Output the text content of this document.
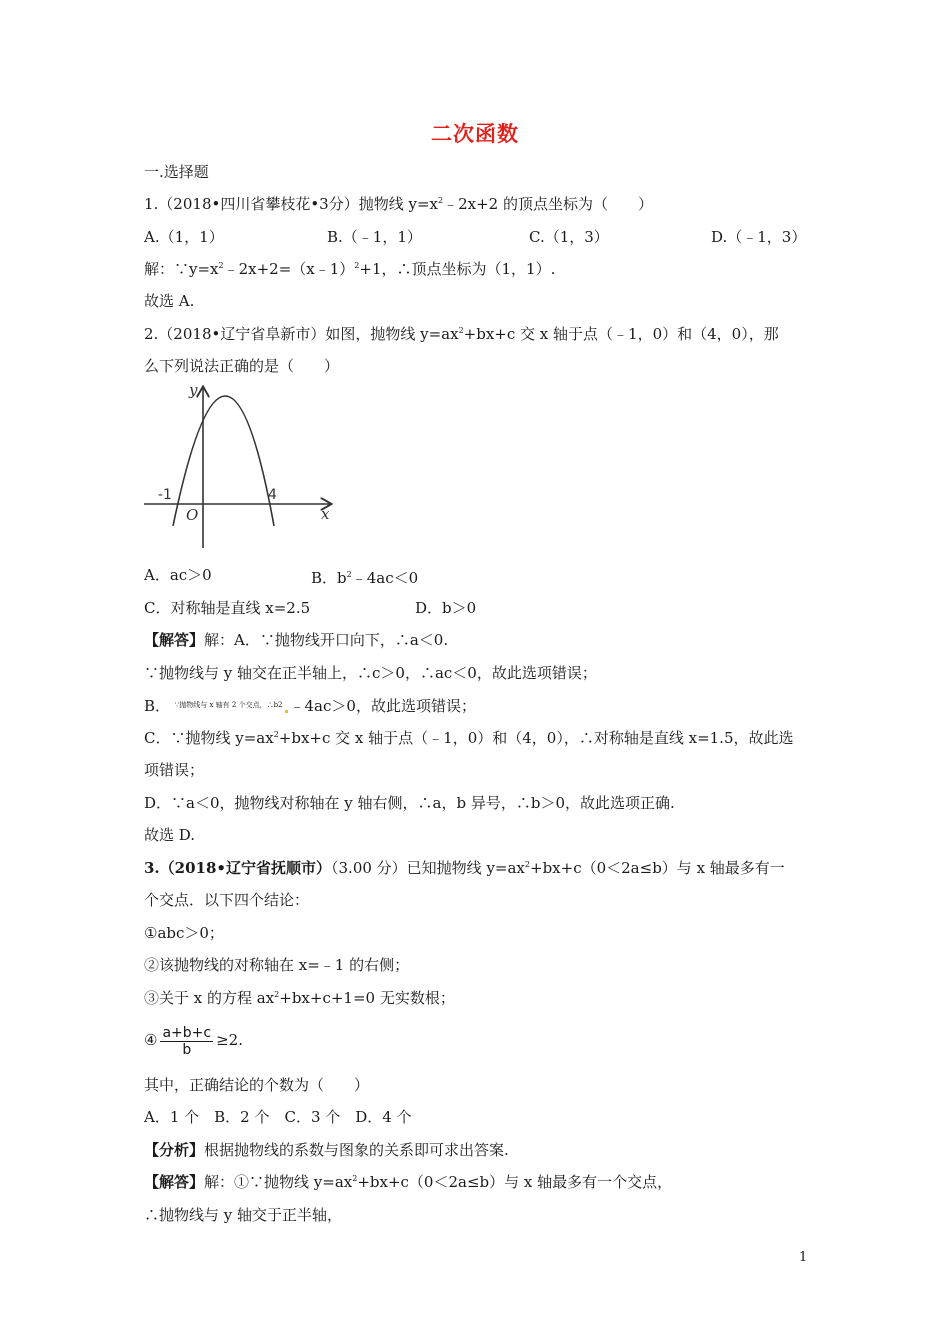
二次函数
一.选择题
1.（2018•四川省攀枝花•3分）抛物线 $y=x^2﹣2x+2$ 的顶点坐标为（　　）
A.（1，1）	B.（﹣1，1）	C.（1，3）	D.（﹣1，3）
解：$\because y=x^2﹣2x+2=(x﹣1)^2+1$，∴顶点坐标为（1，1）.
故选 A.
2.（2018•辽宁省阜新市）如图，抛物线 $y=ax^2+bx+c$ 交 x 轴于点（﹣1，0）和（4，0），那
么下列说法正确的是（　　）
y
x
O
-1	4
A．ac＞0	B．$b^2﹣4ac<0$
C．对称轴是直线 x=2.5	D．b＞0
【解答】解：A．∵抛物线开口向下，∴a＜0.
∵抛物线与 y 轴交在正半轴上，∴c＞0，∴ac＜0，故此选项错误；
B． $^{\because 抛物线与 x 轴有 2 个交点,\therefore b2}$ ﹣4ac＞0，故此选项错误；
C．∵抛物线 $y=ax^2+bx+c$ 交 x 轴于点（﹣1，0）和（4，0），∴对称轴是直线 x=1.5，故此选
项错误；
D．∵a＜0，抛物线对称轴在 y 轴右侧，∴a，b 异号，∴b＞0，故此选项正确.
故选 D.
3.（2018•辽宁省抚顺市）（3.00 分）已知抛物线 $y=ax^2+bx+c(0<2a\le b)$与 x 轴最多有一
个交点．以下四个结论：
①abc＞0；
②该抛物线的对称轴在 x=﹣1 的右侧；
③关于 x 的方程 $ax^2+bx+c+1=0$ 无实数根；
④ $\frac{a+b+c}{b} \ge 2$.
其中，正确结论的个数为（　　）
A．1 个　B．2 个　C．3 个　D．4 个
【分析】根据抛物线的系数与图象的关系即可求出答案.
【解答】解：①∵抛物线 $y=ax^2+bx+c(0<2a\le b)$与 x 轴最多有一个交点，
∴抛物线与 y 轴交于正半轴，
1
